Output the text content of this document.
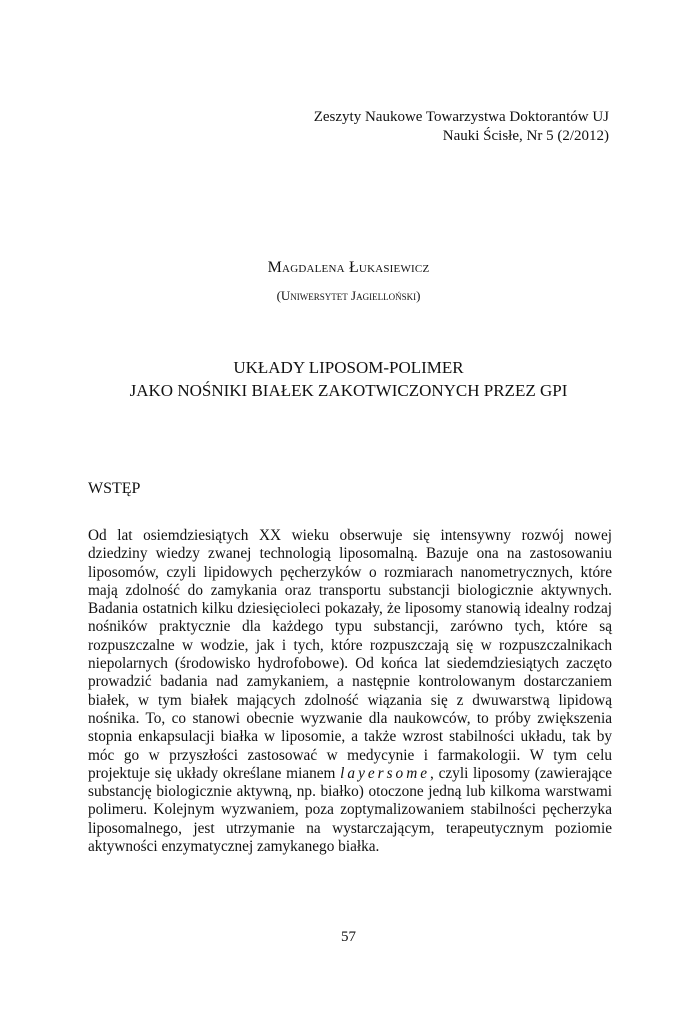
Zeszyty Naukowe Towarzystwa Doktorantów UJ
Nauki Ścisłe, Nr 5 (2/2012)
Magdalena Łukasiewicz
(Uniwersytet Jagielloński)
UKŁADY LIPOSOM-POLIMER
JAKO NOŚNIKI BIAŁEK ZAKOTWICZONYCH PRZEZ GPI
WSTĘP
Od lat osiemdziesiątych XX wieku obserwuje się intensywny rozwój nowej dziedziny wiedzy zwanej technologią liposomalną. Bazuje ona na zastosowaniu liposomów, czyli lipidowych pęcherzyków o rozmiarach nanometrycznych, które mają zdolność do zamykania oraz transportu substancji biologicznie aktywnych. Badania ostatnich kilku dziesięcioleci pokazały, że liposomy stanowią idealny rodzaj nośników praktycznie dla każdego typu substancji, zarówno tych, które są rozpuszczalne w wodzie, jak i tych, które rozpuszczają się w rozpuszczalnikach niepolarnych (środowisko hydrofobowe). Od końca lat siedemdziesiątych zaczęto prowadzić badania nad zamykaniem, a następnie kontrolowanym dostarczaniem białek, w tym białek mających zdolność wiązania się z dwuwarstwą lipidową nośnika. To, co stanowi obecnie wyzwanie dla naukowców, to próby zwiększenia stopnia enkapsulacji białka w liposomie, a także wzrost stabilności układu, tak by móc go w przyszłości zastosować w medycynie i farmakologii. W tym celu projektuje się układy określane mianem layersome, czyli liposomy (zawierające substancję biologicznie aktywną, np. białko) otoczone jedną lub kilkoma warstwami polimeru. Kolejnym wyzwaniem, poza zoptymalizowaniem stabilności pęcherzyka liposomalnego, jest utrzymanie na wystarczającym, terapeutycznym poziomie aktywności enzymatycznej zamykanego białka.
57
